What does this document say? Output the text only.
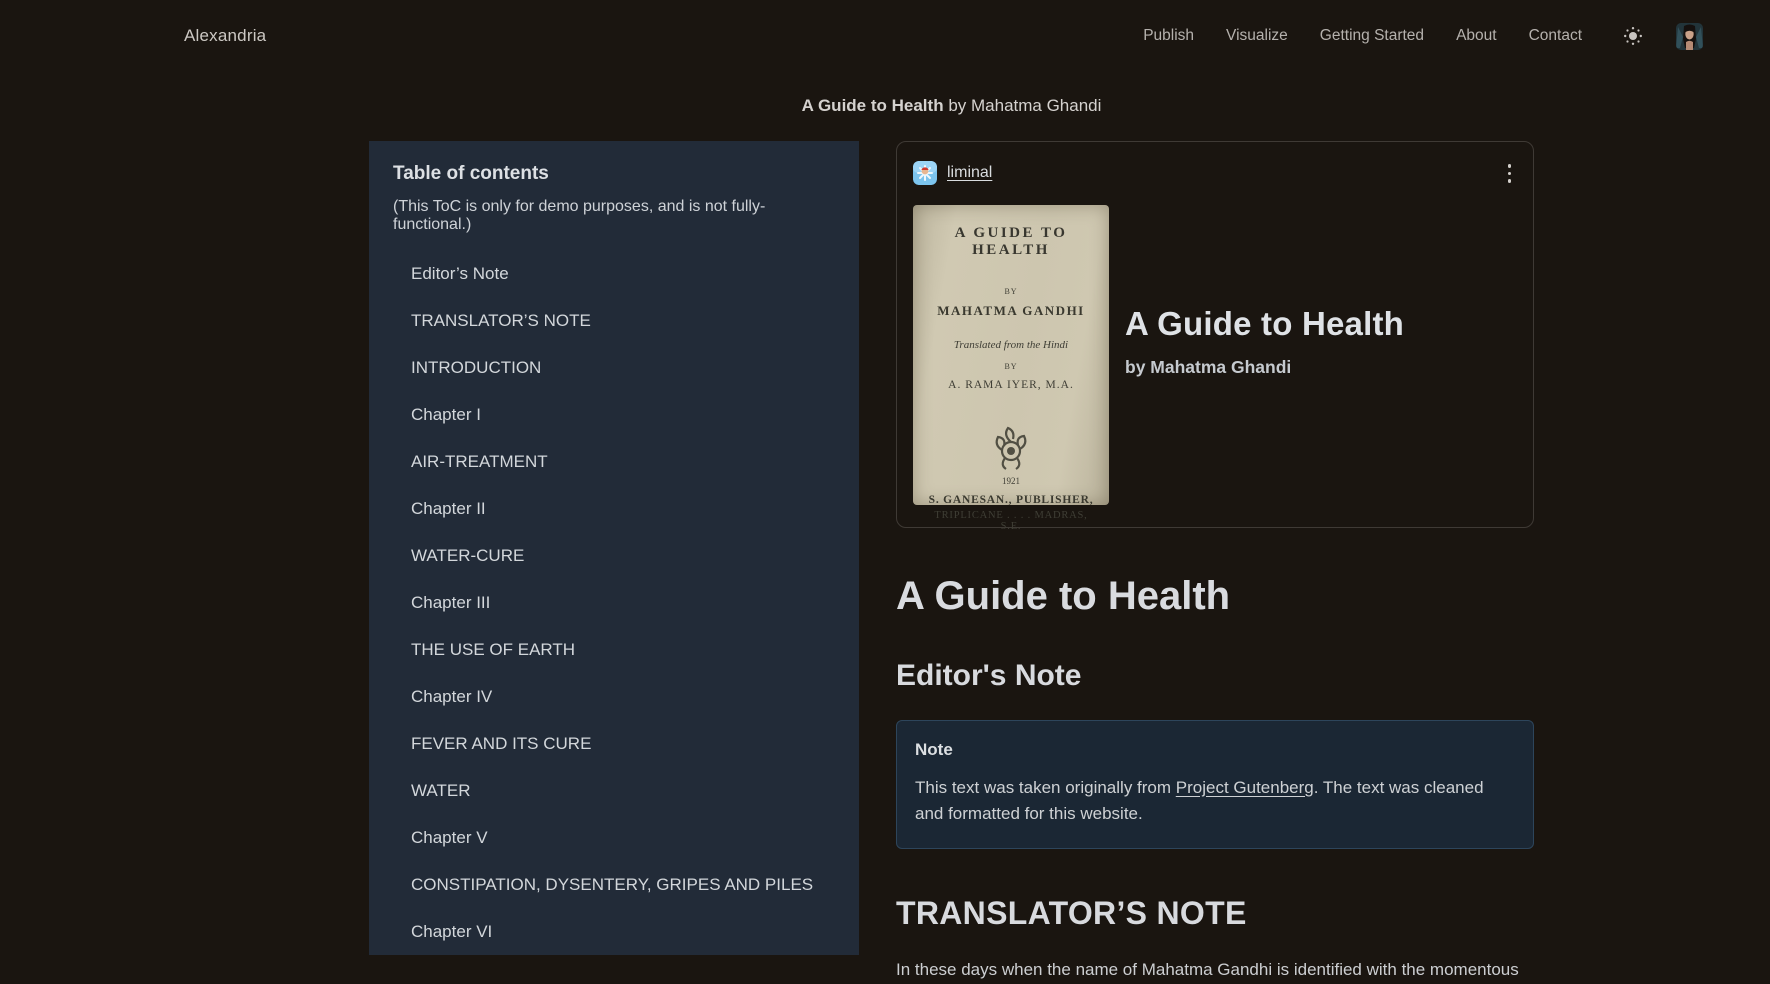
Alexandria	Publish Visualize Getting Started About Contact
A Guide to Health by Mahatma Ghandi
Table of contents
(This ToC is only for demo purposes, and is not fully-functional.)
Editor’s Note
TRANSLATOR’S NOTE
INTRODUCTION
Chapter I
AIR-TREATMENT
Chapter II
WATER-CURE
Chapter III
THE USE OF EARTH
Chapter IV
FEVER AND ITS CURE
WATER
Chapter V
CONSTIPATION, DYSENTERY, GRIPES AND PILES
Chapter VI
liminal
A GUIDE TO HEALTH
BY
MAHATMA GANDHI
Translated from the Hindi
BY
A. RAMA IYER, M.A.
1921
S. GANESAN., PUBLISHER,
TRIPLICANE . . . . MADRAS, S.E.
A Guide to Health
by Mahatma Ghandi
A Guide to Health
Editor's Note
Note

This text was taken originally from Project Gutenberg. The text was cleaned and formatted for this website.

TRANSLATOR’S NOTE

In these days when the name of Mahatma Gandhi is identified with the momentous
